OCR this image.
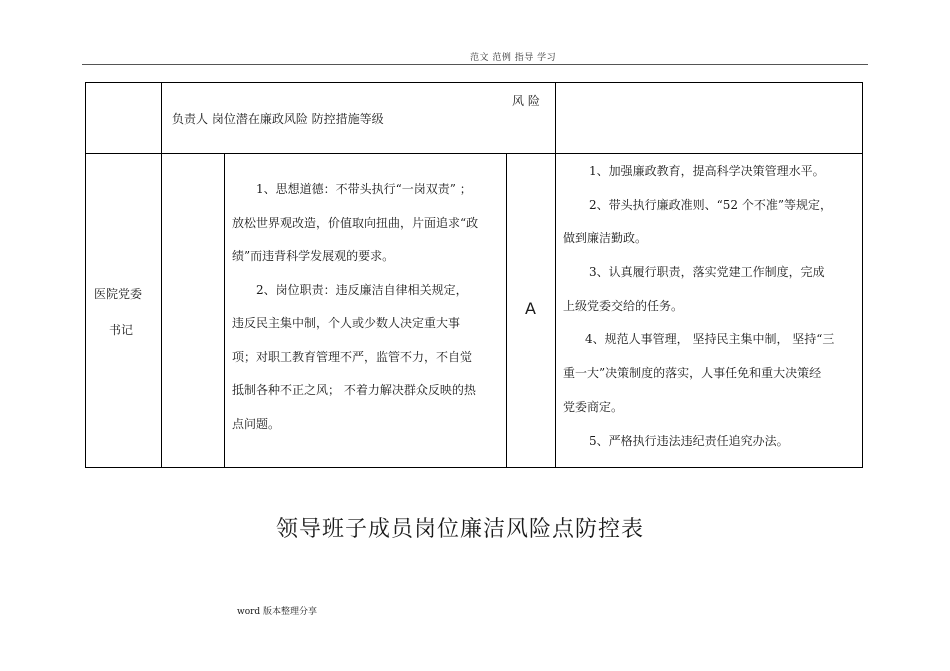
范文 范例 指导 学习
负责人 岗位潜在廉政风险 防控措施等级
风 险
医院党委
书记
1、思想道德：不带头执行“一岗双责” ；
放松世界观改造，价值取向扭曲，片面追求“政
绩”而违背科学发展观的要求。
2、岗位职责：违反廉洁自律相关规定，
违反民主集中制，个人或少数人决定重大事
项；对职工教育管理不严，监管不力，不自觉
抵制各种不正之风； 不着力解决群众反映的热
点问题。
A
1、加强廉政教育，提高科学决策管理水平。
2、带头执行廉政准则、“52 个不准”等规定，
做到廉洁勤政。
3、认真履行职责，落实党建工作制度，完成
上级党委交给的任务。
4、规范人事管理， 坚持民主集中制， 坚持“三
重一大”决策制度的落实，人事任免和重大决策经
党委商定。
5、严格执行违法违纪责任追究办法。
领导班子成员岗位廉洁风险点防控表
word 版本整理分享
